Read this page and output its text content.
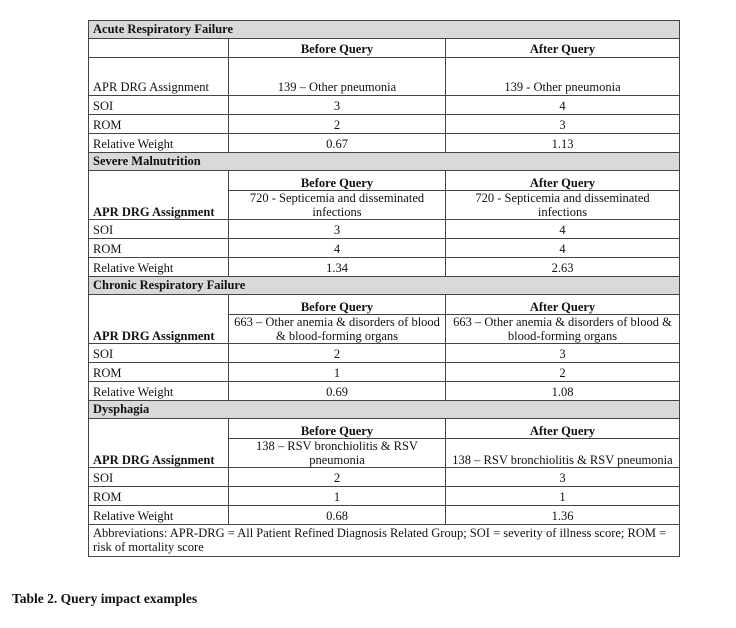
Acute Respiratory Failure		
	Before Query	After Query
APR DRG Assignment	139 – Other pneumonia	139 - Other pneumonia
SOI	3	4
ROM	2	3
Relative Weight	0.67	1.13
Severe Malnutrition		
APR DRG Assignment	Before Query	After Query
	720 - Septicemia and disseminated infections	720 - Septicemia and disseminated infections
SOI	3	4
ROM	4	4
Relative Weight	1.34	2.63
Chronic Respiratory Failure		
APR DRG Assignment	Before Query	After Query
	663 – Other anemia & disorders of blood & blood-forming organs	663 – Other anemia & disorders of blood & blood-forming organs
SOI	2	3
ROM	1	2
Relative Weight	0.69	1.08
Dysphagia		
APR DRG Assignment	Before Query	After Query
	138 – RSV bronchiolitis & RSV pneumonia	138 – RSV bronchiolitis & RSV pneumonia
SOI	2	3
ROM	1	1
Relative Weight	0.68	1.36
Abbreviations: APR-DRG = All Patient Refined Diagnosis Related Group; SOI = severity of illness score; ROM = risk of mortality score		
Table 2. Query impact examples
